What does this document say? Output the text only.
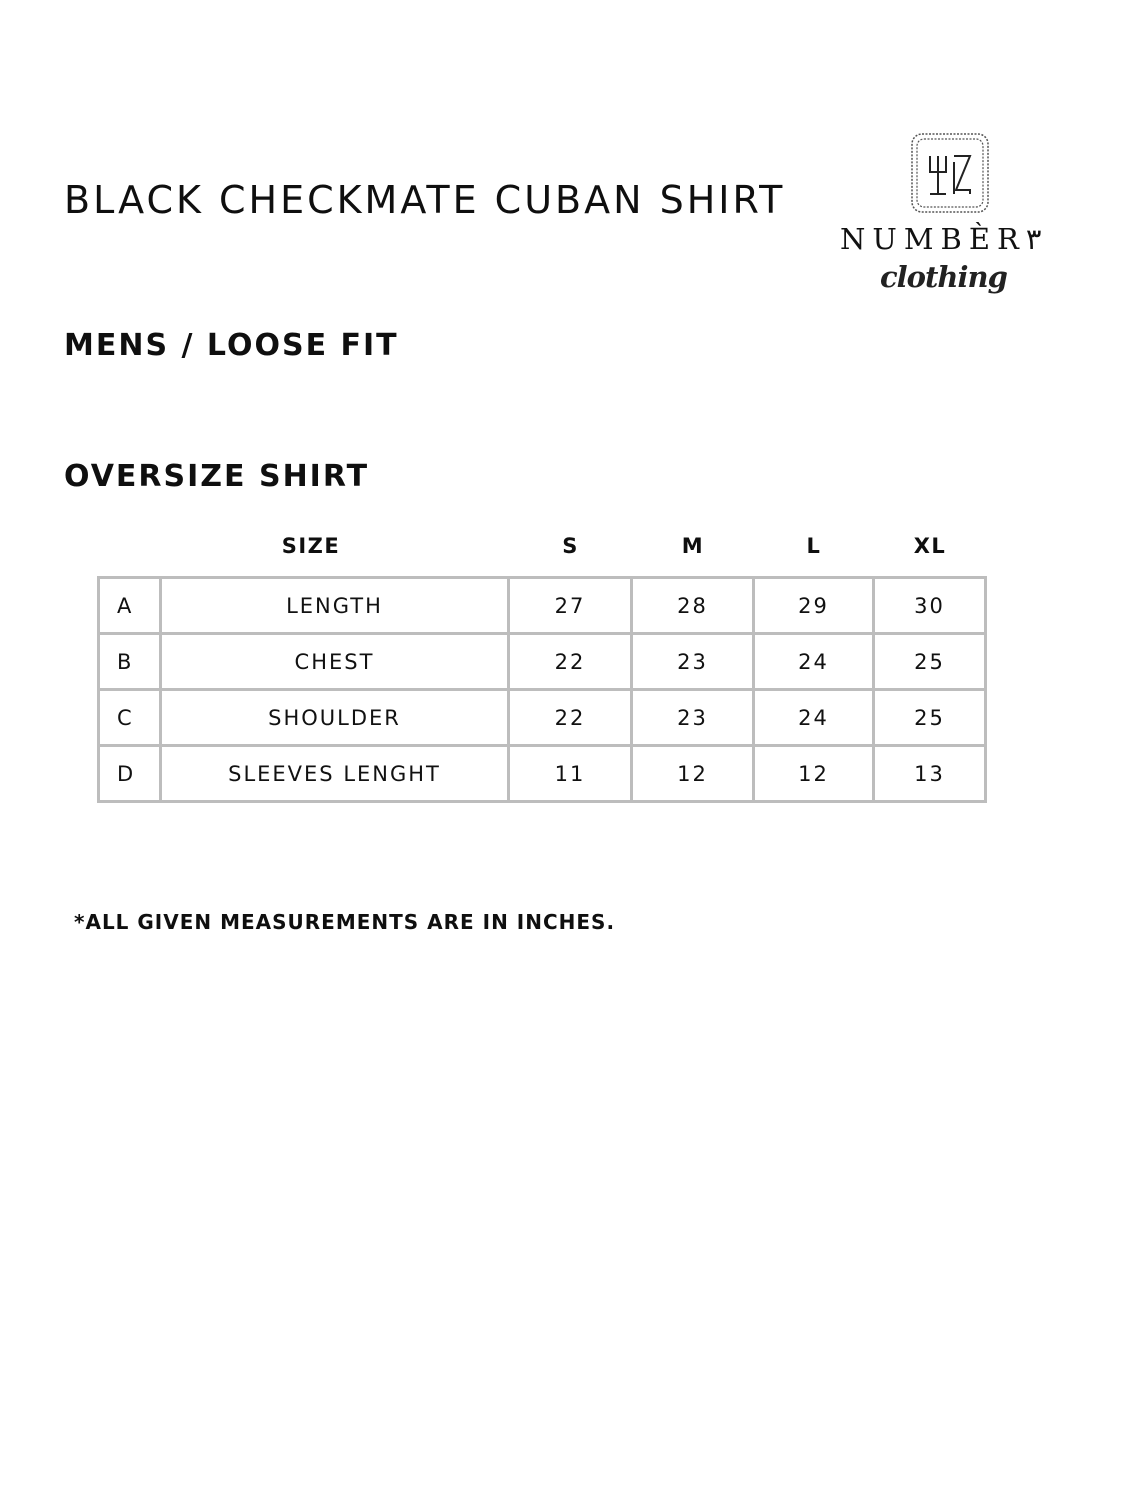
BLACK CHECKMATE CUBAN SHIRT
NUMBÈR٣
clothing
MENS / LOOSE FIT
OVERSIZE SHIRT
SIZE	S	M	L	XL
A	LENGTH	27	28	29	30
B	CHEST	22	23	24	25
C	SHOULDER	22	23	24	25
D	SLEEVES LENGHT	11	12	12	13

*ALL GIVEN MEASUREMENTS ARE IN INCHES.
